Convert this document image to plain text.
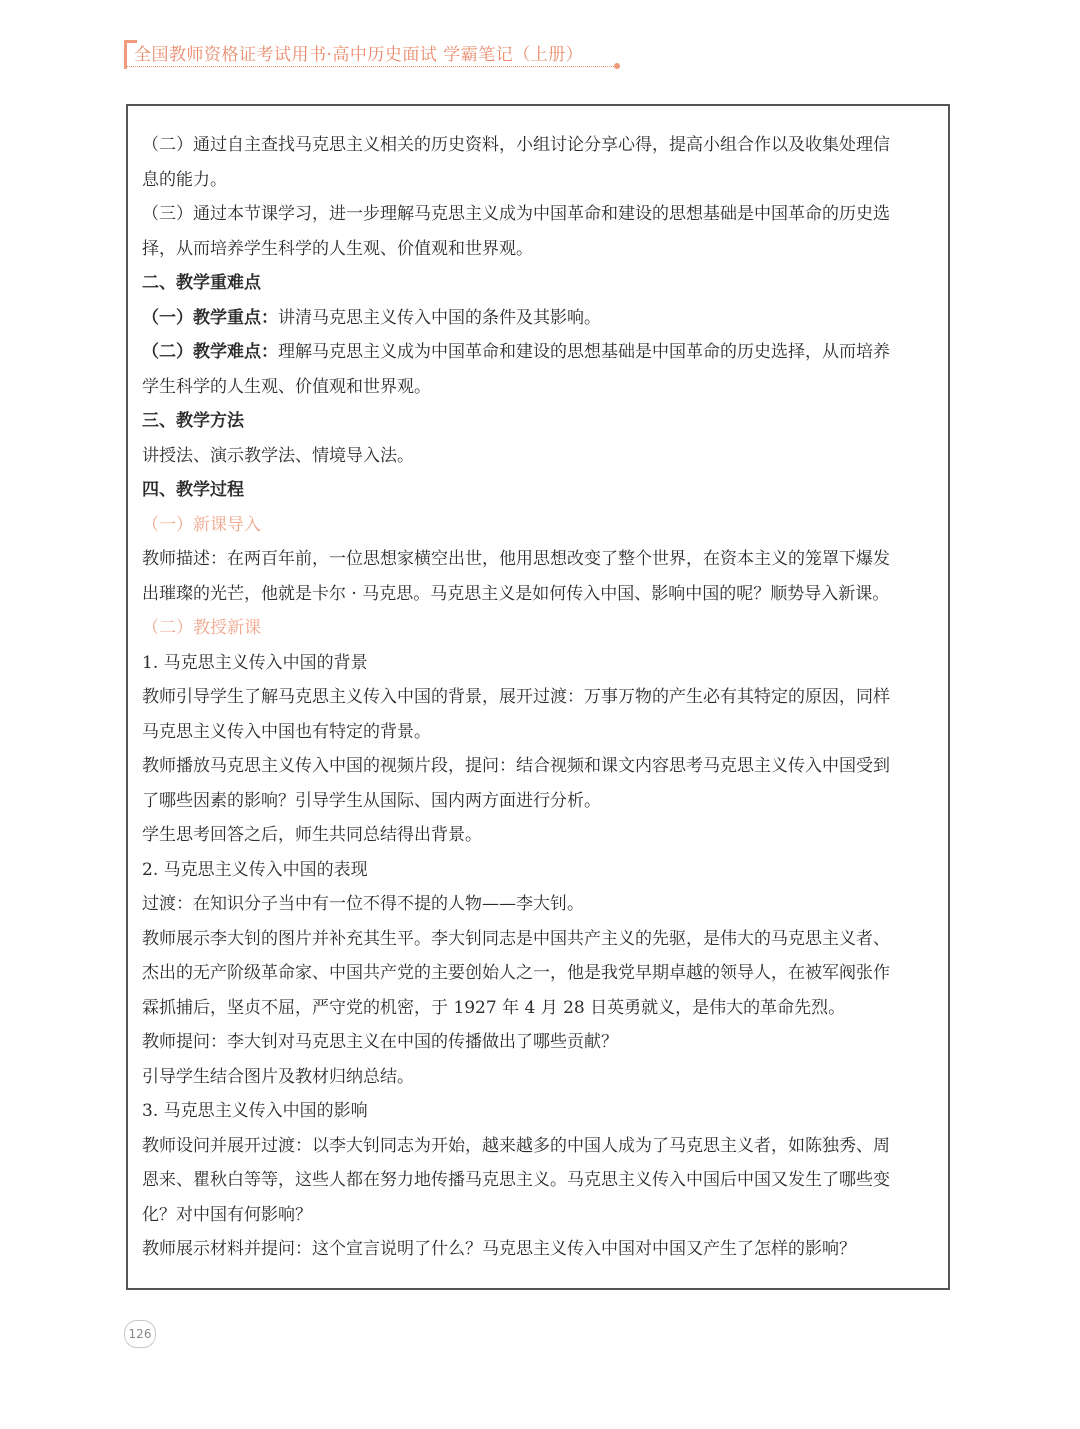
全国教师资格证考试用书·高中历史面试 学霸笔记（上册）
（二）通过自主查找马克思主义相关的历史资料，小组讨论分享心得，提高小组合作以及收集处理信
息的能力。
（三）通过本节课学习，进一步理解马克思主义成为中国革命和建设的思想基础是中国革命的历史选
择，从而培养学生科学的人生观、价值观和世界观。
二、教学重难点
（一）教学重点：讲清马克思主义传入中国的条件及其影响。
（二）教学难点：理解马克思主义成为中国革命和建设的思想基础是中国革命的历史选择，从而培养
学生科学的人生观、价值观和世界观。
三、教学方法
讲授法、演示教学法、情境导入法。
四、教学过程
（一）新课导入
教师描述：在两百年前，一位思想家横空出世，他用思想改变了整个世界，在资本主义的笼罩下爆发
出璀璨的光芒，他就是卡尔 · 马克思。马克思主义是如何传入中国、影响中国的呢？顺势导入新课。
（二）教授新课
1. 马克思主义传入中国的背景
教师引导学生了解马克思主义传入中国的背景，展开过渡：万事万物的产生必有其特定的原因，同样
马克思主义传入中国也有特定的背景。
教师播放马克思主义传入中国的视频片段，提问：结合视频和课文内容思考马克思主义传入中国受到
了哪些因素的影响？引导学生从国际、国内两方面进行分析。
学生思考回答之后，师生共同总结得出背景。
2. 马克思主义传入中国的表现
过渡：在知识分子当中有一位不得不提的人物——李大钊。
教师展示李大钊的图片并补充其生平。李大钊同志是中国共产主义的先驱，是伟大的马克思主义者、
杰出的无产阶级革命家、中国共产党的主要创始人之一，他是我党早期卓越的领导人，在被军阀张作
霖抓捕后，坚贞不屈，严守党的机密，于 1927 年 4 月 28 日英勇就义，是伟大的革命先烈。
教师提问：李大钊对马克思主义在中国的传播做出了哪些贡献？
引导学生结合图片及教材归纳总结。
3. 马克思主义传入中国的影响
教师设问并展开过渡：以李大钊同志为开始，越来越多的中国人成为了马克思主义者，如陈独秀、周
恩来、瞿秋白等等，这些人都在努力地传播马克思主义。马克思主义传入中国后中国又发生了哪些变
化？对中国有何影响？
教师展示材料并提问：这个宣言说明了什么？马克思主义传入中国对中国又产生了怎样的影响？
126
